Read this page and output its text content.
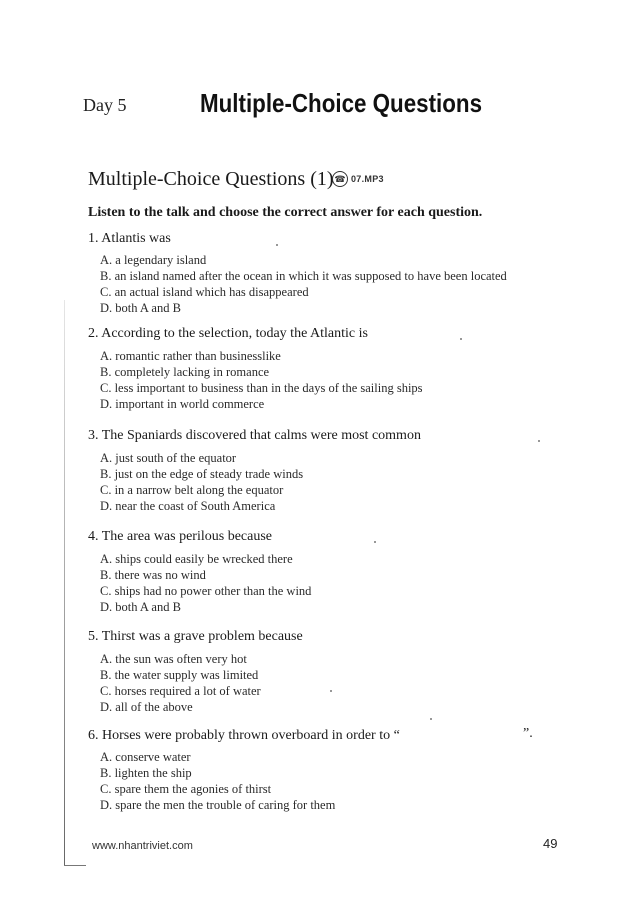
Day 5	Multiple-Choice Questions
Multiple-Choice Questions (1) ☎ 07.MP3
Listen to the talk and choose the correct answer for each question.
1. Atlantis was
A. a legendary island
B. an island named after the ocean in which it was supposed to have been located
C. an actual island which has disappeared
D. both A and B
2. According to the selection, today the Atlantic is
A. romantic rather than businesslike
B. completely lacking in romance
C. less important to business than in the days of the sailing ships
D. important in world commerce
3. The Spaniards discovered that calms were most common
A. just south of the equator
B. just on the edge of steady trade winds
C. in a narrow belt along the equator
D. near the coast of South America
4. The area was perilous because
A. ships could easily be wrecked there
B. there was no wind
C. ships had no power other than the wind
D. both A and B
5. Thirst was a grave problem because
A. the sun was often very hot
B. the water supply was limited
C. horses required a lot of water
D. all of the above
6. Horses were probably thrown overboard in order to “	”.
A. conserve water
B. lighten the ship
C. spare them the agonies of thirst
D. spare the men the trouble of caring for them
www.nhantriviet.com	49
